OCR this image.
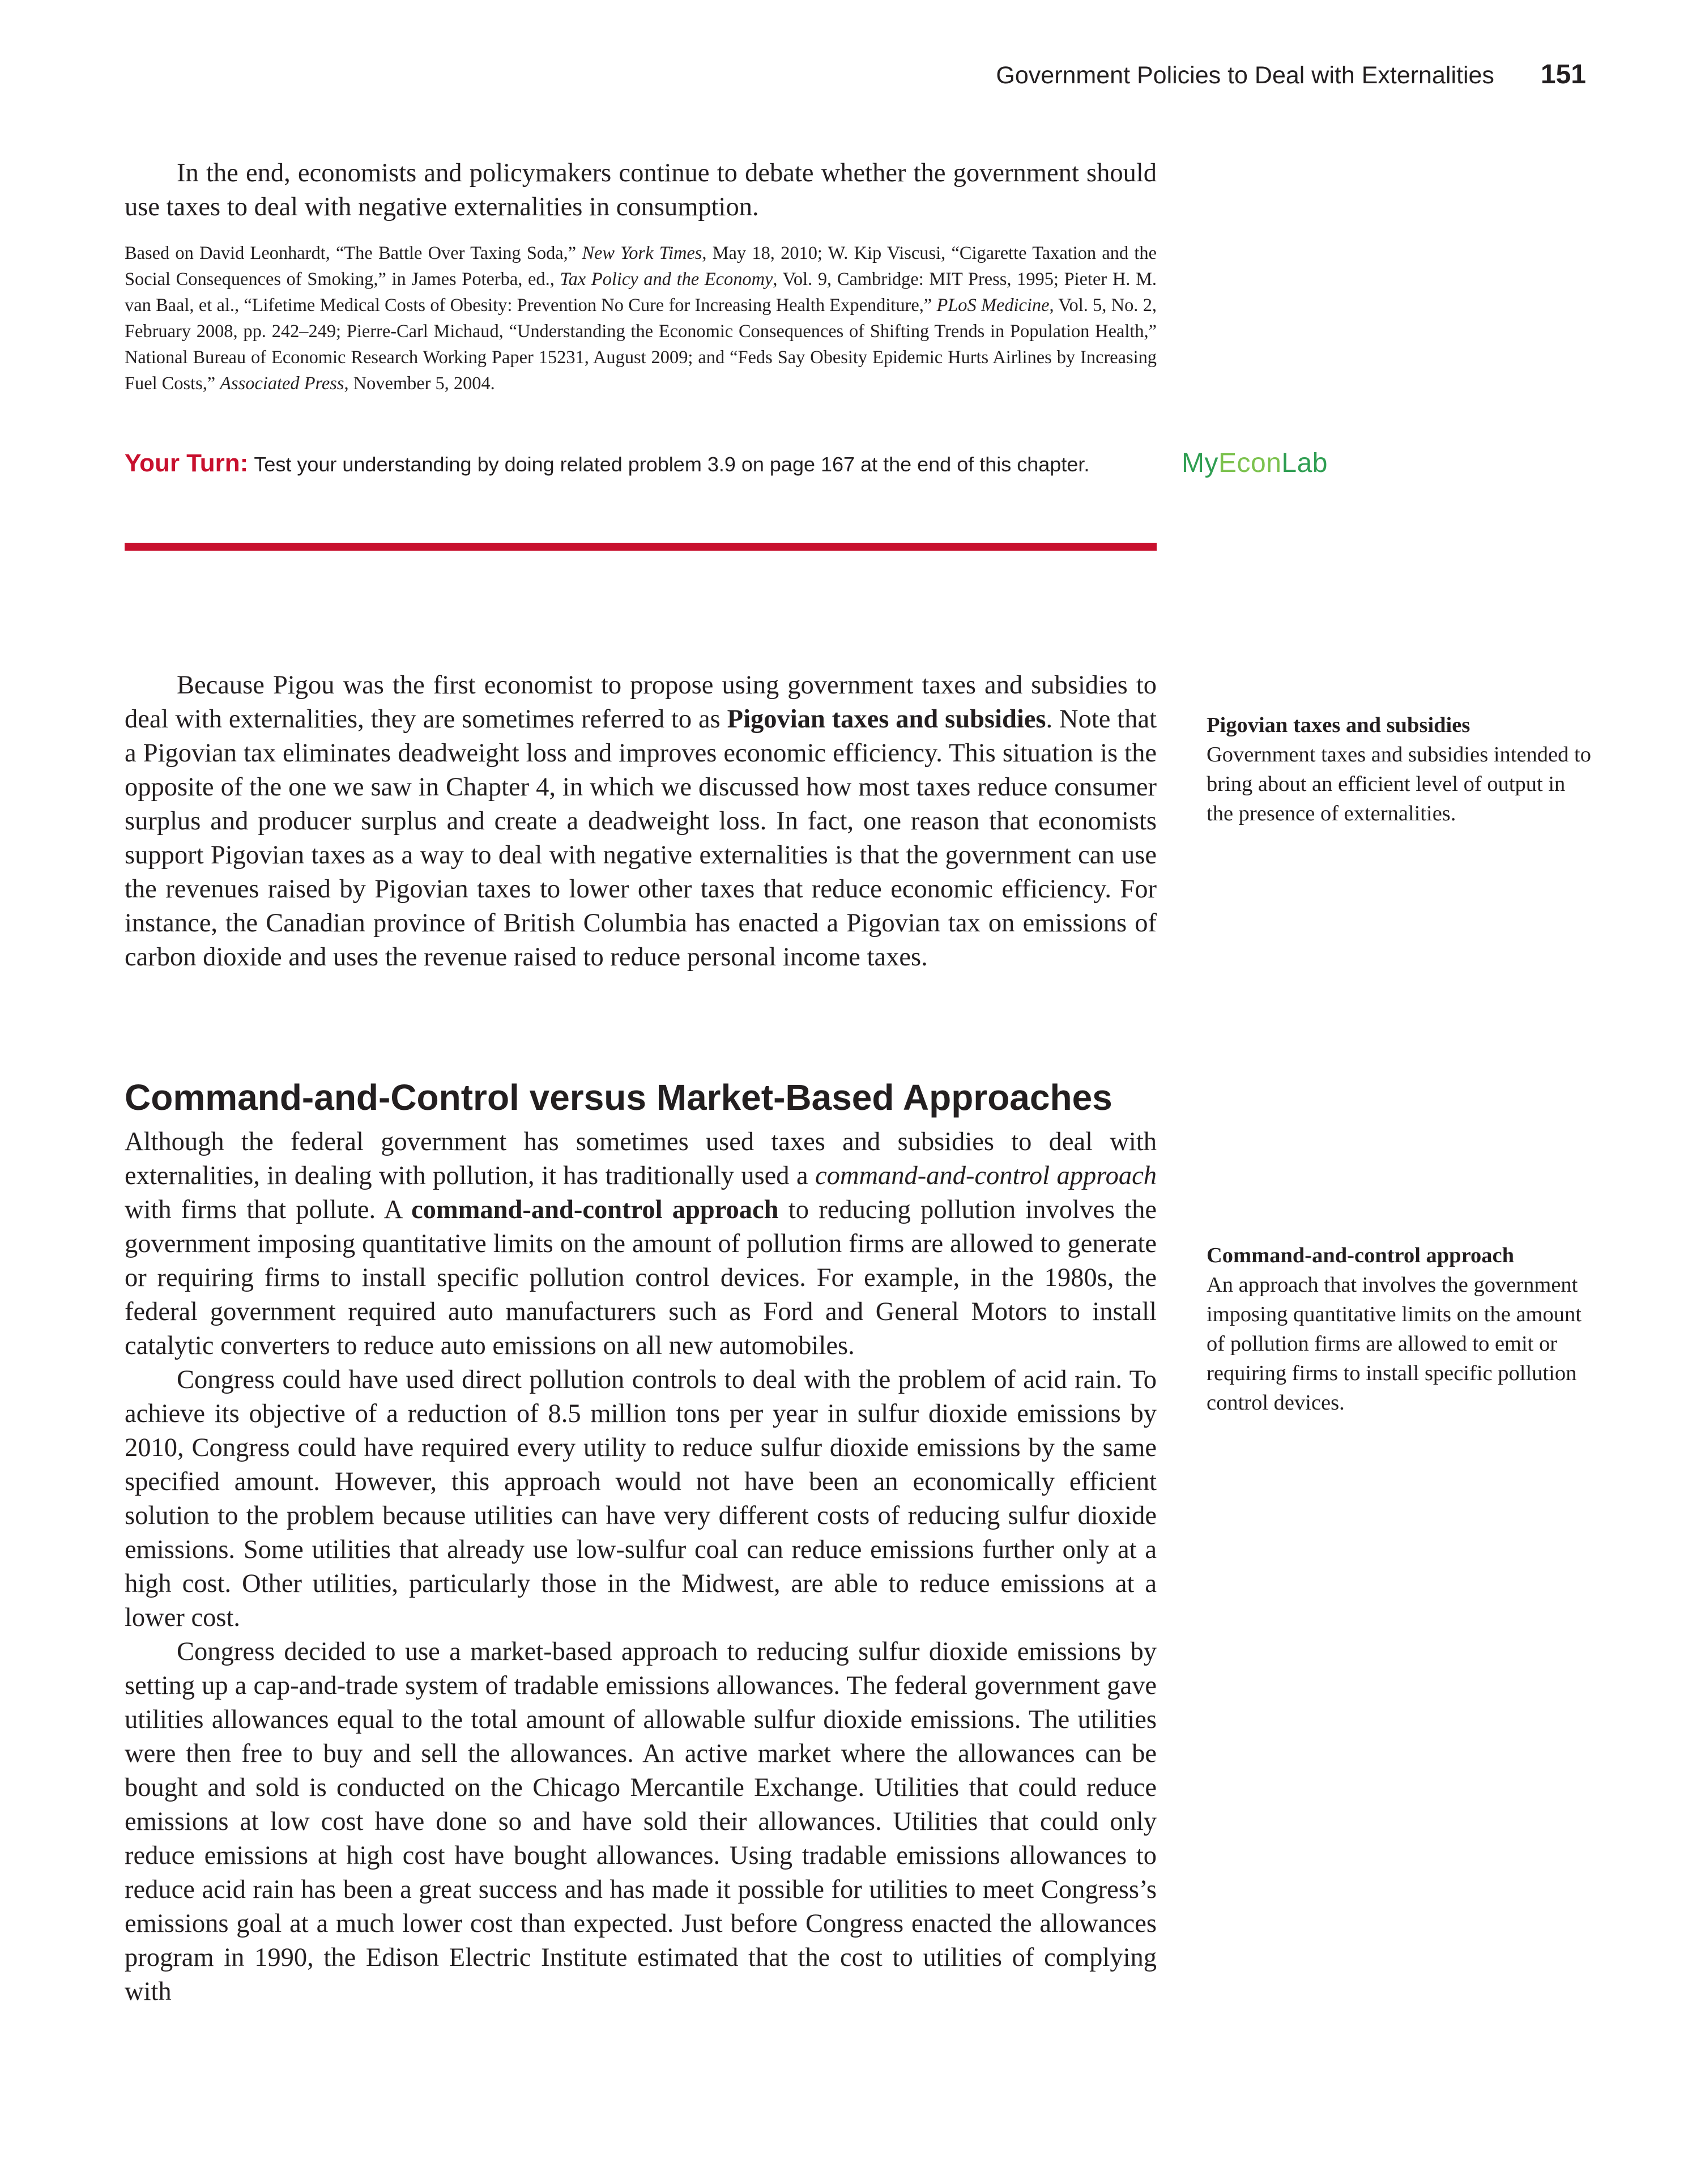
Government Policies to Deal with Externalities 151

In the end, economists and policymakers continue to debate whether the government should use taxes to deal with negative externalities in consumption.

Based on David Leonhardt, “The Battle Over Taxing Soda,” New York Times, May 18, 2010; W. Kip Viscusi, “Cigarette Taxation and the Social Consequences of Smoking,” in James Poterba, ed., Tax Policy and the Economy, Vol. 9, Cambridge: MIT Press, 1995; Pieter H. M. van Baal, et al., “Lifetime Medical Costs of Obesity: Prevention No Cure for Increasing Health Expenditure,” PLoS Medicine, Vol. 5, No. 2, February 2008, pp. 242–249; Pierre-Carl Michaud, “Understanding the Economic Consequences of Shifting Trends in Population Health,” National Bureau of Economic Research Working Paper 15231, August 2009; and “Feds Say Obesity Epidemic Hurts Airlines by Increasing Fuel Costs,” Associated Press, November 5, 2004.

Your Turn: Test your understanding by doing related problem 3.9 on page 167 at the end of this chapter.	MyEconLab

Because Pigou was the first economist to propose using government taxes and subsidies to deal with externalities, they are sometimes referred to as Pigovian taxes and subsidies. Note that a Pigovian tax eliminates deadweight loss and improves economic efficiency. This situation is the opposite of the one we saw in Chapter 4, in which we discussed how most taxes reduce consumer surplus and producer surplus and create a deadweight loss. In fact, one reason that economists support Pigovian taxes as a way to deal with negative externalities is that the government can use the revenues raised by Pigovian taxes to lower other taxes that reduce economic efficiency. For instance, the Canadian province of British Columbia has enacted a Pigovian tax on emissions of carbon dioxide and uses the revenue raised to reduce personal income taxes.

Command-and-Control versus Market-Based Approaches

Although the federal government has sometimes used taxes and subsidies to deal with externalities, in dealing with pollution, it has traditionally used a command-and-control approach with firms that pollute. A command-and-control approach to reducing pollution involves the government imposing quantitative limits on the amount of pollution firms are allowed to generate or requiring firms to install specific pollution control devices. For example, in the 1980s, the federal government required auto manufacturers such as Ford and General Motors to install catalytic converters to reduce auto emissions on all new automobiles.

Congress could have used direct pollution controls to deal with the problem of acid rain. To achieve its objective of a reduction of 8.5 million tons per year in sulfur dioxide emissions by 2010, Congress could have required every utility to reduce sulfur dioxide emissions by the same specified amount. However, this approach would not have been an economically efficient solution to the problem because utilities can have very different costs of reducing sulfur dioxide emissions. Some utilities that already use low-sulfur coal can reduce emissions further only at a high cost. Other utilities, particularly those in the Midwest, are able to reduce emissions at a lower cost.

Congress decided to use a market-based approach to reducing sulfur dioxide emissions by setting up a cap-and-trade system of tradable emissions allowances. The federal government gave utilities allowances equal to the total amount of allowable sulfur dioxide emissions. The utilities were then free to buy and sell the allowances. An active market where the allowances can be bought and sold is conducted on the Chicago Mercantile Exchange. Utilities that could reduce emissions at low cost have done so and have sold their allowances. Utilities that could only reduce emissions at high cost have bought allowances. Using tradable emissions allowances to reduce acid rain has been a great success and has made it possible for utilities to meet Congress’s emissions goal at a much lower cost than expected. Just before Congress enacted the allowances program in 1990, the Edison Electric Institute estimated that the cost to utilities of complying with

Pigovian taxes and subsidies
Government taxes and subsidies intended to bring about an efficient level of output in the presence of externalities.
Command-and-control approach
An approach that involves the government imposing quantitative limits on the amount of pollution firms are allowed to emit or requiring firms to install specific pollution control devices.
